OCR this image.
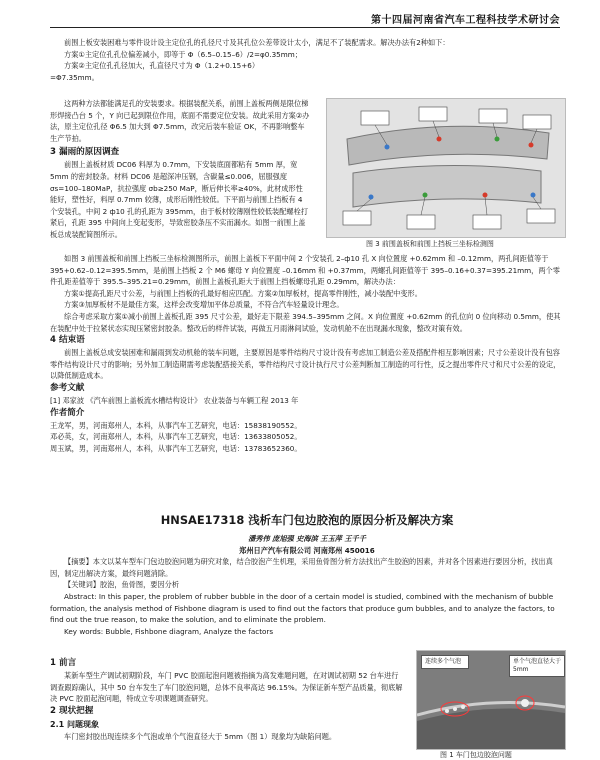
第十四届河南省汽车工程科技学术研讨会

前围上板安装困难与零件设计设主定位孔的孔径尺寸及其孔位公差带设计太小，满足不了装配需求。解决办法有2种如下：

方案①主定位孔孔位偏差减小，即等于 Φ（6.5–0.15–6）/2=φ0.35mm；

方案②主定位孔孔径加大，孔直径尺寸为 Φ（1.2+0.15+6）

=Φ7.35mm。

这两种方法都能满足孔的安装要求。根据装配关系，前围上盖板两侧是限位梯形焊接凸台 5 个，Y 向已起到限位作用，底面不需要定位安装。故此采用方案②办法，原主定位孔径 Φ6.5 加大到 Φ7.5mm，改完后装车验证 OK，不再影响整车生产节拍。

3 漏雨的原因调查

前围上盖板材质 DC06 料厚为 0.7mm，下安装底面都粘有 5mm 厚，宽 5mm 的密封胶条。材料 DC06 是超深冲压钢，含碳量≤0.006，屈服强度 σs=100–180MaP，抗拉强度 σb≥250 MaP，断后伸长率≥40%，此材成形性能好，塑性好，料厚 0.7mm 较薄，成形后刚性较低。下平面与前围上挡板有 4 个安装孔，中间 2 ф10 孔的孔距为 395mm，由于板材较薄刚性较低装配螺栓打紧后，孔距 395 中间向上变起变形，导致密胶条压不实而漏水。如图一前围上盖板总成装配简图所示。

图 3 前围盖板和前围上挡板三坐标检测图

如图 3 前围盖板和前围上挡板三坐标检测图所示，前围上盖板下平面中间 2 个安装孔 2–ф10 孔 X 向位置度 +0.62mm 和 –0.12mm，两孔间距值等于 395+0.62–0.12=395.5mm，是前围上挡板 2 个 M6 螺母 Y 向位置度 –0.16mm 和 +0.37mm，两螺孔间距值等于 395–0.16+0.37=395.21mm，两个零件孔距差值等于 395.5–395.21=0.29mm，前围上盖板孔距大于前围上挡板螺母孔距 0.29mm，解决办法：

方案①提高孔距尺寸公差，与前围上挡板的孔最好相应匹配。方案②加厚板材，提高零件刚性，减小装配中变形。

方案③加厚板材不是最佳方案，这样会改变增加平体总质量，不符合汽车轻量设计理念。

综合考虑采取方案①减小前围上盖板孔距 395 尺寸公差，最好走下限差 394.5–395mm 之间。X 向位置度 +0.62mm 的孔位向 0 位向移动 0.5mm，使其在装配中处于拉紧状态实现压紧密封胶条。整改后的样件试装，再做五月雨淋间试验，发动机舱不在出现漏水现象，整改对策有效。

4 结束语

前围上盖板总成安装困难和漏雨到发动机舱的装车问题，主要原因是零件结构尺寸设计没有考虑加工制造公差及搭配件相互影响因素；尺寸公差设计没有包容零件结构设计尺寸的影响；另外加工制造期需考虑装配搭接关系，零件结构尺寸设计执行尺寸公差判断加工制造的可行性，反之提出零件尺寸和尺寸公差的设定，以降低制造成本。

参考文献

[1] 邓家波 《汽车前围上盖板流水槽结构设计》 农业装备与车辆工程 2013 年

作者简介

王龙军，男，河南郑州人，本科，从事汽车工艺研究，电话：15838190552。

邓必英，女，河南郑州人，本科，从事汽车工艺研究，电话：13633805052。

周玉斌，男，河南郑州人，本科，从事汽车工艺研究，电话：13783652360。

HNSAE17318 浅析车门包边胶泡的原因分析及解决方案

潘秀伟 庞旭强 史海滨 王玉萍 王千千

郑州日产汽车有限公司 河南郑州 450016

【摘要】本文以某车型车门包边胶泡问题为研究对象，结合胶泡产生机理，采用鱼骨图分析方法找出产生胶泡的因素，并对各个因素进行要因分析，找出真因，制定出解决方案，最终问题消除。

【关键词】胶泡，鱼骨图，要因分析

Abstract: In this paper, the problem of rubber bubble in the door of a certain model is studied, combined with the mechanism of bubble formation, the analysis method of Fishbone diagram is used to find out the factors that produce gum bubbles, and to analyze the factors, to find out the true reason, to make the solution, and to eliminate the problem.

Key words: Bubble, Fishbone diagram, Analyze the factors

1 前言

某新车型生产调试初期阶段，车门 PVC 胶面起泡问题被指摘为高发难题问题，在对调试初期 52 台车进行调查跟踪确认，其中 50 台车发生了车门胶泡问题，总体不良率高达 96.15%。为保证新车型产品质量，彻底解决 PVC 胶面起泡问题，特成立专项课题调查研究。

2 现状把握
2.1 问题现象

车门密封胶出现连续多个气泡或单个气泡直径大于 5mm（图 1）现象均为缺陷问题。

连续多个气泡	单个气泡直径大于5mm
图 1 车门包边胶泡问题
